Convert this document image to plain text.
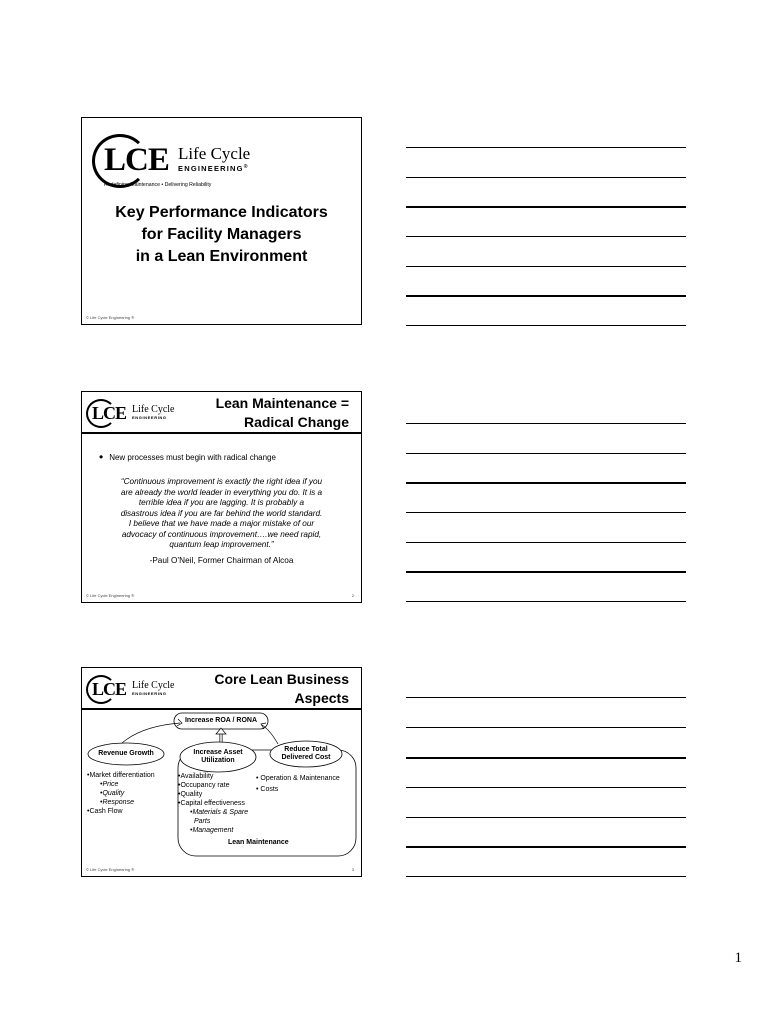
LCE Life Cycle
ENGINEERING®
Redefining Maintenance • Delivering Reliability
Key Performance Indicators
for Facility Managers
in a Lean Environment
© Life Cycle Engineering ®
LCE Life Cycle
ENGINEERING
Lean Maintenance =
Radical Change
• New processes must begin with radical change
“Continuous improvement is exactly the right idea if you
are already the world leader in everything you do. It is a
terrible idea if you are lagging. It is probably a
disastrous idea if you are far behind the world standard.
I believe that we have made a major mistake of our
advocacy of continuous improvement….we need rapid,
quantum leap improvement.”
-Paul O’Neil, Former Chairman of Alcoa
© Life Cycle Engineering ®	2
LCE Life Cycle
ENGINEERING
Core Lean Business
Aspects
Increase ROA / RONA
Revenue Growth	Increase Asset
Utilization
Reduce Total
Delivered Cost
•Market differentiation
•Price
•Quality
•Response
•Cash Flow
•Availability
•Occupancy rate
•Quality
•Capital effectiveness
•Materials & Spare
Parts
•Management
• Operation & Maintenance
• Costs
Lean Maintenance
© Life Cycle Engineering ®	3
1
